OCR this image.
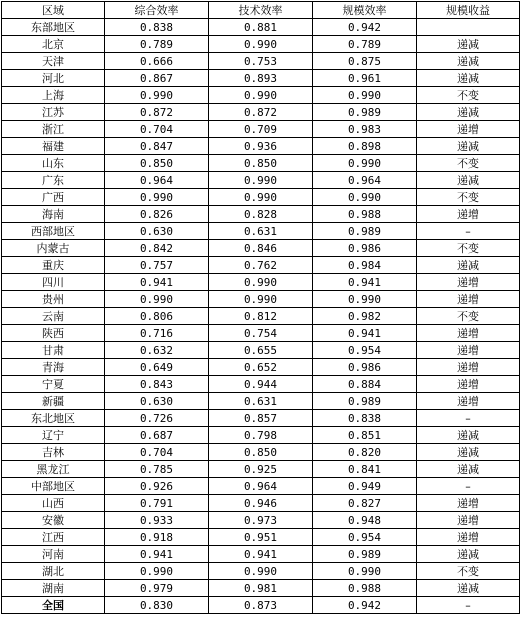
区域	综合效率	技术效率	规模效率	规模收益
东部地区	0.838	0.881	0.942	
北京	0.789	0.990	0.789	递减
天津	0.666	0.753	0.875	递减
河北	0.867	0.893	0.961	递减
上海	0.990	0.990	0.990	不变
江苏	0.872	0.872	0.989	递减
浙江	0.704	0.709	0.983	递增
福建	0.847	0.936	0.898	递减
山东	0.850	0.850	0.990	不变
广东	0.964	0.990	0.964	递减
广西	0.990	0.990	0.990	不变
海南	0.826	0.828	0.988	递增
西部地区	0.630	0.631	0.989	–
内蒙古	0.842	0.846	0.986	不变
重庆	0.757	0.762	0.984	递减
四川	0.941	0.990	0.941	递增
贵州	0.990	0.990	0.990	递增
云南	0.806	0.812	0.982	不变
陕西	0.716	0.754	0.941	递增
甘肃	0.632	0.655	0.954	递增
青海	0.649	0.652	0.986	递增
宁夏	0.843	0.944	0.884	递增
新疆	0.630	0.631	0.989	递增
东北地区	0.726	0.857	0.838	–
辽宁	0.687	0.798	0.851	递减
吉林	0.704	0.850	0.820	递减
黑龙江	0.785	0.925	0.841	递减
中部地区	0.926	0.964	0.949	–
山西	0.791	0.946	0.827	递增
安徽	0.933	0.973	0.948	递增
江西	0.918	0.951	0.954	递增
河南	0.941	0.941	0.989	递减
湖北	0.990	0.990	0.990	不变
湖南	0.979	0.981	0.988	递减
全国	0.830	0.873	0.942	–
